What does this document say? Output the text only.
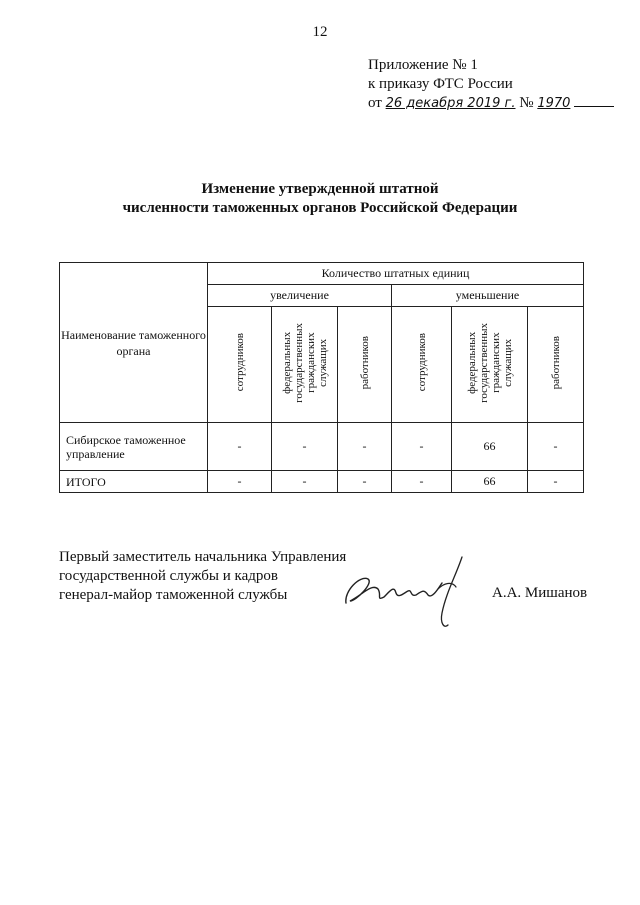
12
Приложение № 1
к приказу ФТС России
от 26 декабря 2019 г. № 1970
Изменение утвержденной штатной
численности таможенных органов Российской Федерации
Наименование таможенного органа	Количество штатных единиц					
	увеличение			уменьшение		
	сотрудников	федеральных
государственных
гражданских
служащих	работников	сотрудников	федеральных
государственных
гражданских
служащих	работников
Сибирское таможенное управление	-	-	-	-	66	-
ИТОГО	-	-	-	-	66	-
Первый заместитель начальника Управления
государственной службы и кадров
генерал-майор таможенной службы	А.А. Мишанов
